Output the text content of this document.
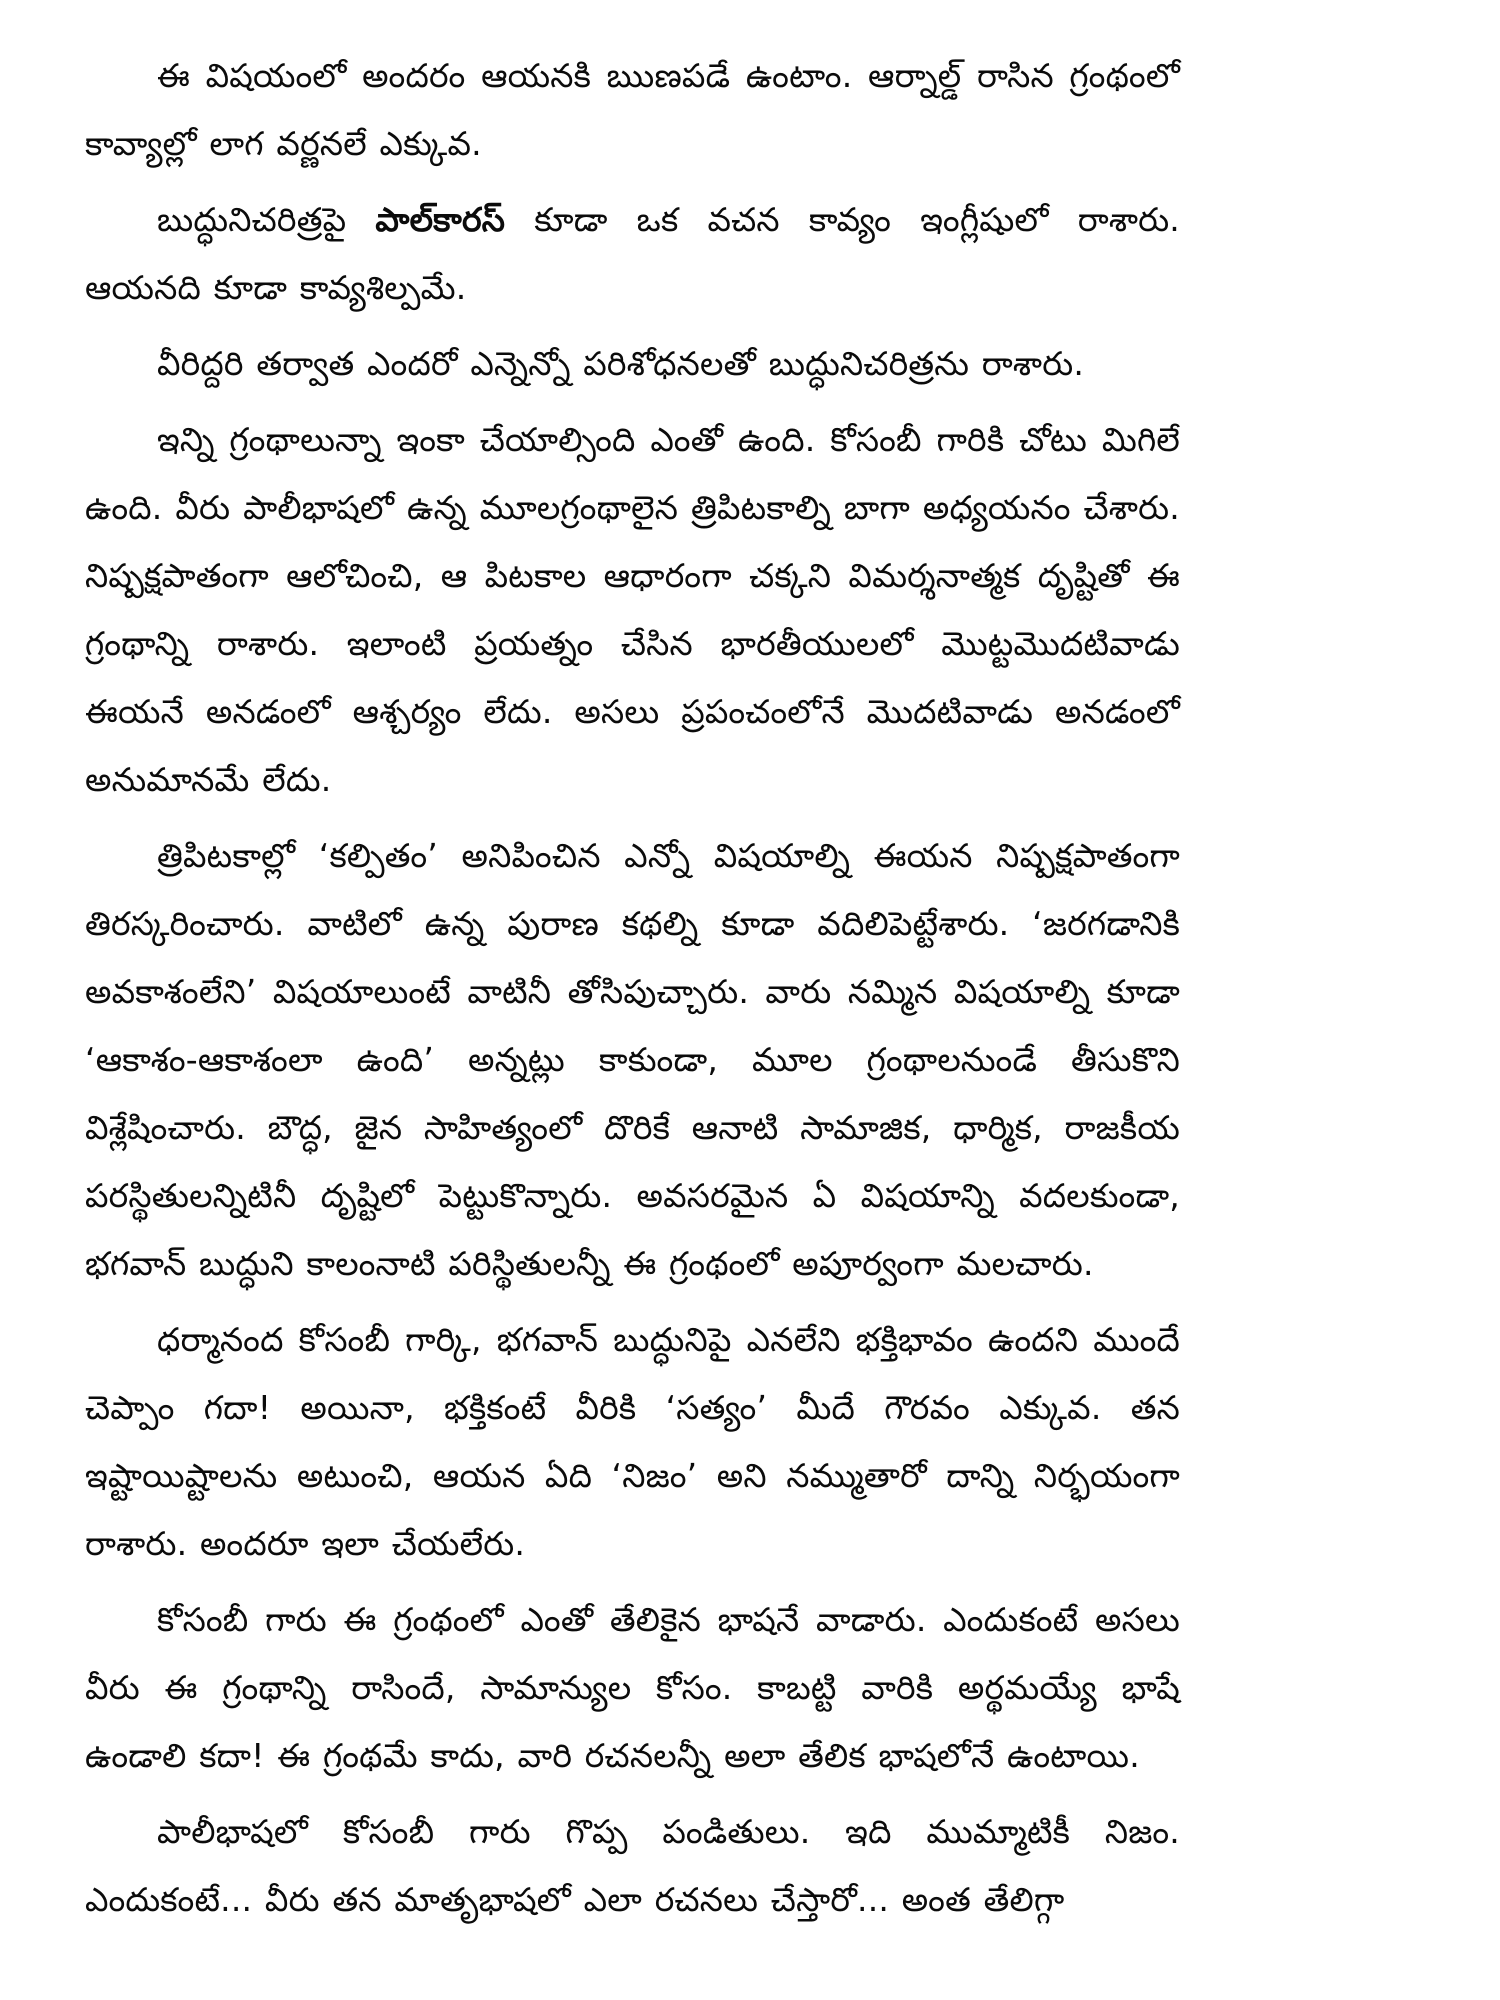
ఈ విషయంలో అందరం ఆయనకి ఋణపడే ఉంటాం. ఆర్నాల్డ్ రాసిన గ్రంథంలో కావ్యాల్లో లాగ వర్ణనలే ఎక్కువ.

బుద్ధునిచరిత్రపై పాల్‌కారస్ కూడా ఒక వచన కావ్యం ఇంగ్లీషులో రాశారు. ఆయనది కూడా కావ్యశిల్పమే.

వీరిద్దరి తర్వాత ఎందరో ఎన్నెన్నో పరిశోధనలతో బుద్ధునిచరిత్రను రాశారు.

ఇన్ని గ్రంథాలున్నా ఇంకా చేయాల్సింది ఎంతో ఉంది. కోసంబీ గారికి చోటు మిగిలే ఉంది. వీరు పాలీభాషలో ఉన్న మూలగ్రంథాలైన త్రిపిటకాల్ని బాగా అధ్యయనం చేశారు. నిష్పక్షపాతంగా ఆలోచించి, ఆ పిటకాల ఆధారంగా చక్కని విమర్శనాత్మక దృష్టితో ఈ గ్రంథాన్ని రాశారు. ఇలాంటి ప్రయత్నం చేసిన భారతీయులలో మొట్టమొదటివాడు ఈయనే అనడంలో ఆశ్చర్యం లేదు. అసలు ప్రపంచంలోనే మొదటివాడు అనడంలో అనుమానమే లేదు.

త్రిపిటకాల్లో ‘కల్పితం’ అనిపించిన ఎన్నో విషయాల్ని ఈయన నిష్పక్షపాతంగా తిరస్కరించారు. వాటిలో ఉన్న పురాణ కథల్ని కూడా వదిలిపెట్టేశారు. ‘జరగడానికి అవకాశంలేని’ విషయాలుంటే వాటినీ తోసిపుచ్చారు. వారు నమ్మిన విషయాల్ని కూడా ‘ఆకాశం-ఆకాశంలా ఉంది’ అన్నట్లు కాకుండా, మూల గ్రంథాలనుండే తీసుకొని విశ్లేషించారు. బౌద్ధ, జైన సాహిత్యంలో దొరికే ఆనాటి సామాజిక, ధార్మిక, రాజకీయ పరస్థితులన్నిటినీ దృష్టిలో పెట్టుకొన్నారు. అవసరమైన ఏ విషయాన్ని వదలకుండా, భగవాన్ బుద్ధుని కాలంనాటి పరిస్థితులన్నీ ఈ గ్రంథంలో అపూర్వంగా మలచారు.

ధర్మానంద కోసంబీ గార్కి, భగవాన్ బుద్ధునిపై ఎనలేని భక్తిభావం ఉందని ముందే చెప్పాం గదా! అయినా, భక్తికంటే వీరికి ‘సత్యం’ మీదే గౌరవం ఎక్కువ. తన ఇష్టాయిష్టాలను అటుంచి, ఆయన ఏది ‘నిజం’ అని నమ్ముతారో దాన్ని నిర్భయంగా రాశారు. అందరూ ఇలా చేయలేరు.

కోసంబీ గారు ఈ గ్రంథంలో ఎంతో తేలికైన భాషనే వాడారు. ఎందుకంటే అసలు వీరు ఈ గ్రంథాన్ని రాసిందే, సామాన్యుల కోసం. కాబట్టి వారికి అర్థమయ్యే భాషే ఉండాలి కదా! ఈ గ్రంథమే కాదు, వారి రచనలన్నీ అలా తేలిక భాషలోనే ఉంటాయి.

పాలీభాషలో కోసంబీ గారు గొప్ప పండితులు. ఇది ముమ్మాటికీ నిజం. ఎందుకంటే... వీరు తన మాతృభాషలో ఎలా రచనలు చేస్తారో... అంత తేలిగ్గా
